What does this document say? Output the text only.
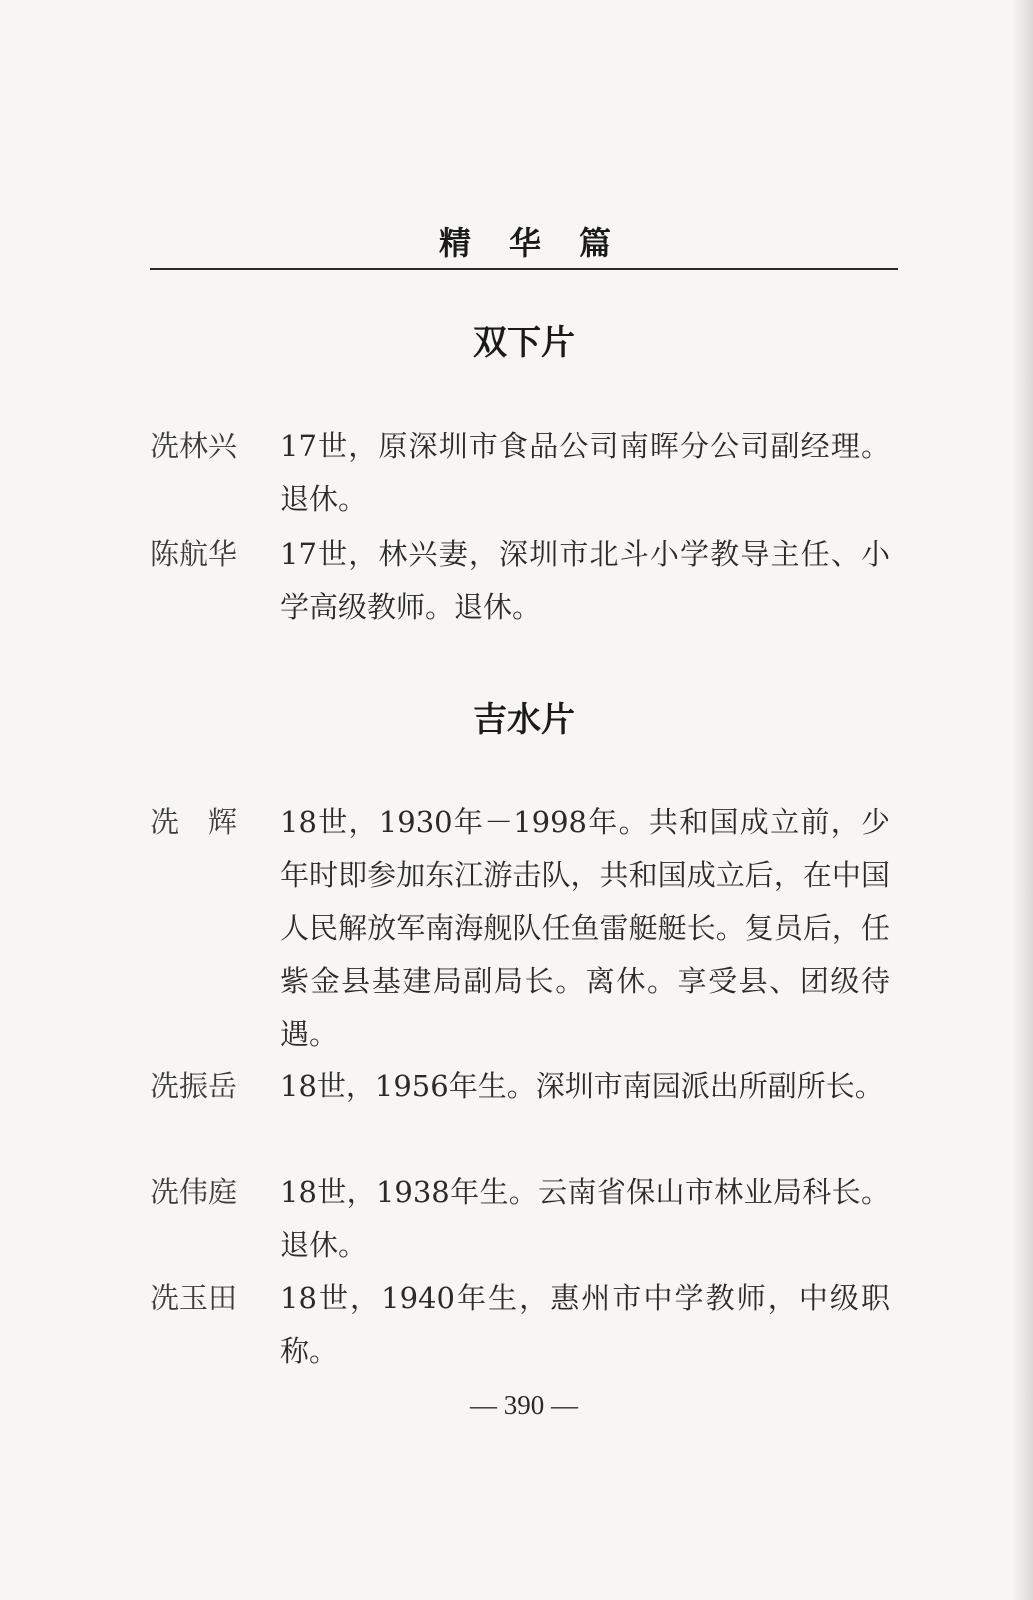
精华篇
双下片
冼林兴	17世，原深圳市食品公司南晖分公司副经理。退休。
陈航华	17世，林兴妻，深圳市北斗小学教导主任、小学高级教师。退休。
吉水片
冼　辉	18世，1930年－1998年。共和国成立前，少年时即参加东江游击队，共和国成立后，在中国人民解放军南海舰队任鱼雷艇艇长。复员后，任紫金县基建局副局长。离休。享受县、团级待遇。
冼振岳	18世，1956年生。深圳市南园派出所副所长。
冼伟庭	18世，1938年生。云南省保山市林业局科长。退休。
冼玉田	18世，1940年生，惠州市中学教师，中级职称。
— 390 —
